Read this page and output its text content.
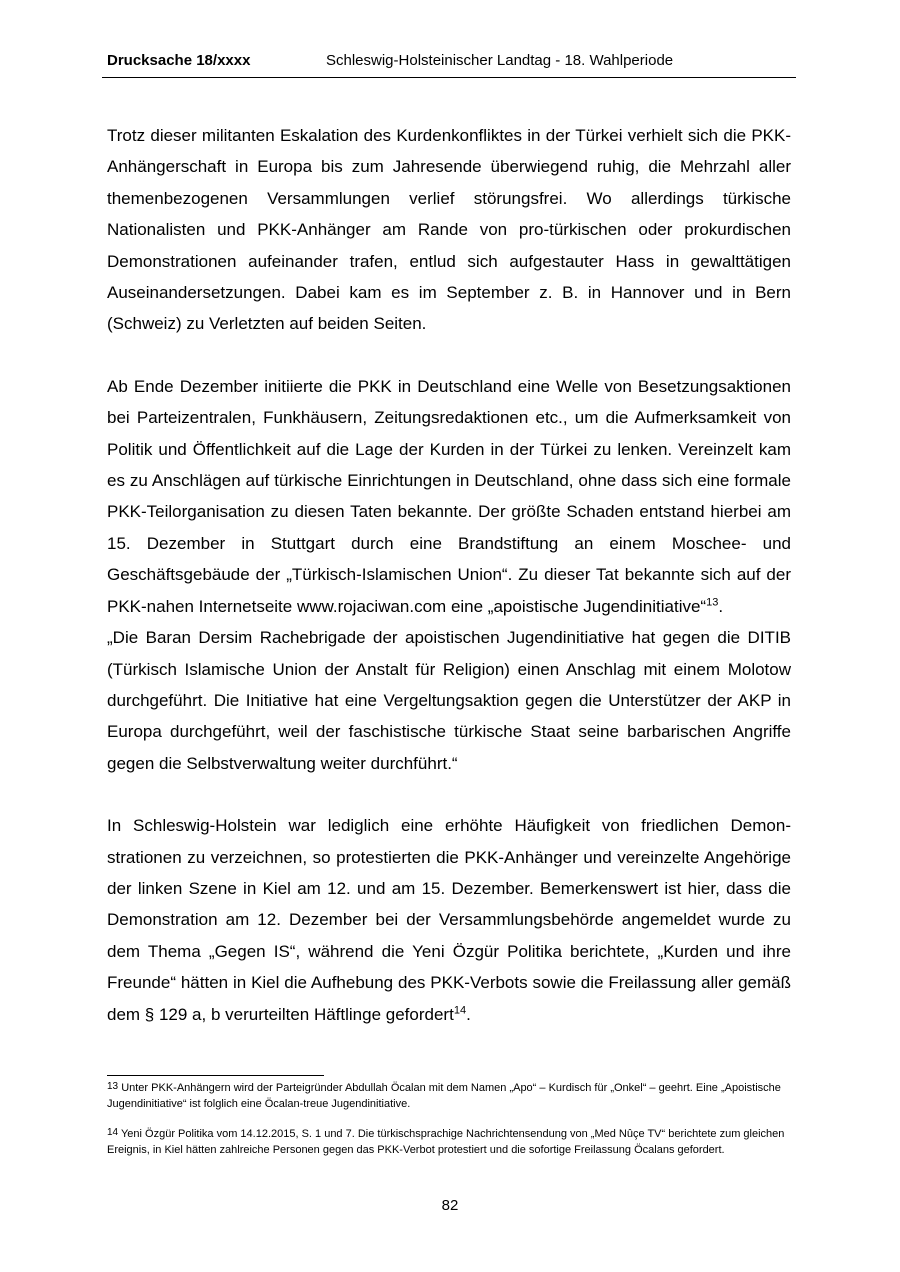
Drucksache 18/xxxx	Schleswig-Holsteinischer Landtag - 18. Wahlperiode

Trotz dieser militanten Eskalation des Kurdenkonfliktes in der Türkei verhielt sich die PKK-Anhängerschaft in Europa bis zum Jahresende überwiegend ruhig, die Mehrzahl aller themenbezogenen Versammlungen verlief störungsfrei. Wo allerdings türkische Nationalisten und PKK-Anhänger am Rande von pro-türkischen oder prokurdischen Demonstrationen aufeinander trafen, entlud sich aufgestauter Hass in gewalttätigen Auseinandersetzungen. Dabei kam es im September z. B. in Hannover und in Bern (Schweiz) zu Verletzten auf beiden Seiten.

Ab Ende Dezember initiierte die PKK in Deutschland eine Welle von Besetzungsaktionen bei Parteizentralen, Funkhäusern, Zeitungsredaktionen etc., um die Aufmerksamkeit von Politik und Öffentlichkeit auf die Lage der Kurden in der Türkei zu lenken. Vereinzelt kam es zu Anschlägen auf türkische Einrichtungen in Deutschland, ohne dass sich eine formale PKK-Teilorganisation zu diesen Taten bekannte. Der größte Schaden entstand hierbei am 15. Dezember in Stuttgart durch eine Brandstiftung an einem Moschee- und Geschäftsgebäude der „Türkisch-Islamischen Union“. Zu dieser Tat bekannte sich auf der PKK-nahen Internetseite www.rojaciwan.com eine „apoistische Jugendinitiative“$^{13}$.

„Die Baran Dersim Rachebrigade der apoistischen Jugendinitiative hat gegen die DITIB (Türkisch Islamische Union der Anstalt für Religion) einen Anschlag mit einem Molotow durchgeführt. Die Initiative hat eine Vergeltungsaktion gegen die Unterstützer der AKP in Europa durchgeführt, weil der faschistische türkische Staat seine barbarischen Angriffe gegen die Selbstverwaltung weiter durchführt.“

In Schleswig-Holstein war lediglich eine erhöhte Häufigkeit von friedlichen Demonstrationen zu verzeichnen, so protestierten die PKK-Anhänger und vereinzelte Angehörige der linken Szene in Kiel am 12. und am 15. Dezember. Bemerkenswert ist hier, dass die Demonstration am 12. Dezember bei der Versammlungsbehörde angemeldet wurde zu dem Thema „Gegen IS“, während die Yeni Özgür Politika berichtete, „Kurden und ihre Freunde“ hätten in Kiel die Aufhebung des PKK-Verbots sowie die Freilassung aller gemäß dem § 129 a, b verurteilten Häftlinge gefordert$^{14}$.

$^{13}$ Unter PKK-Anhängern wird der Parteigründer Abdullah Öcalan mit dem Namen „Apo“ – Kurdisch für „Onkel“ – geehrt. Eine „Apoistische Jugendinitiative“ ist folglich eine Öcalan-treue Jugendinitiative.

$^{14}$ Yeni Özgür Politika vom 14.12.2015, S. 1 und 7. Die türkischsprachige Nachrichtensendung von „Med Nûçe TV“ berichtete zum gleichen Ereignis, in Kiel hätten zahlreiche Personen gegen das PKK-Verbot protestiert und die sofortige Freilassung Öcalans gefordert.

82
